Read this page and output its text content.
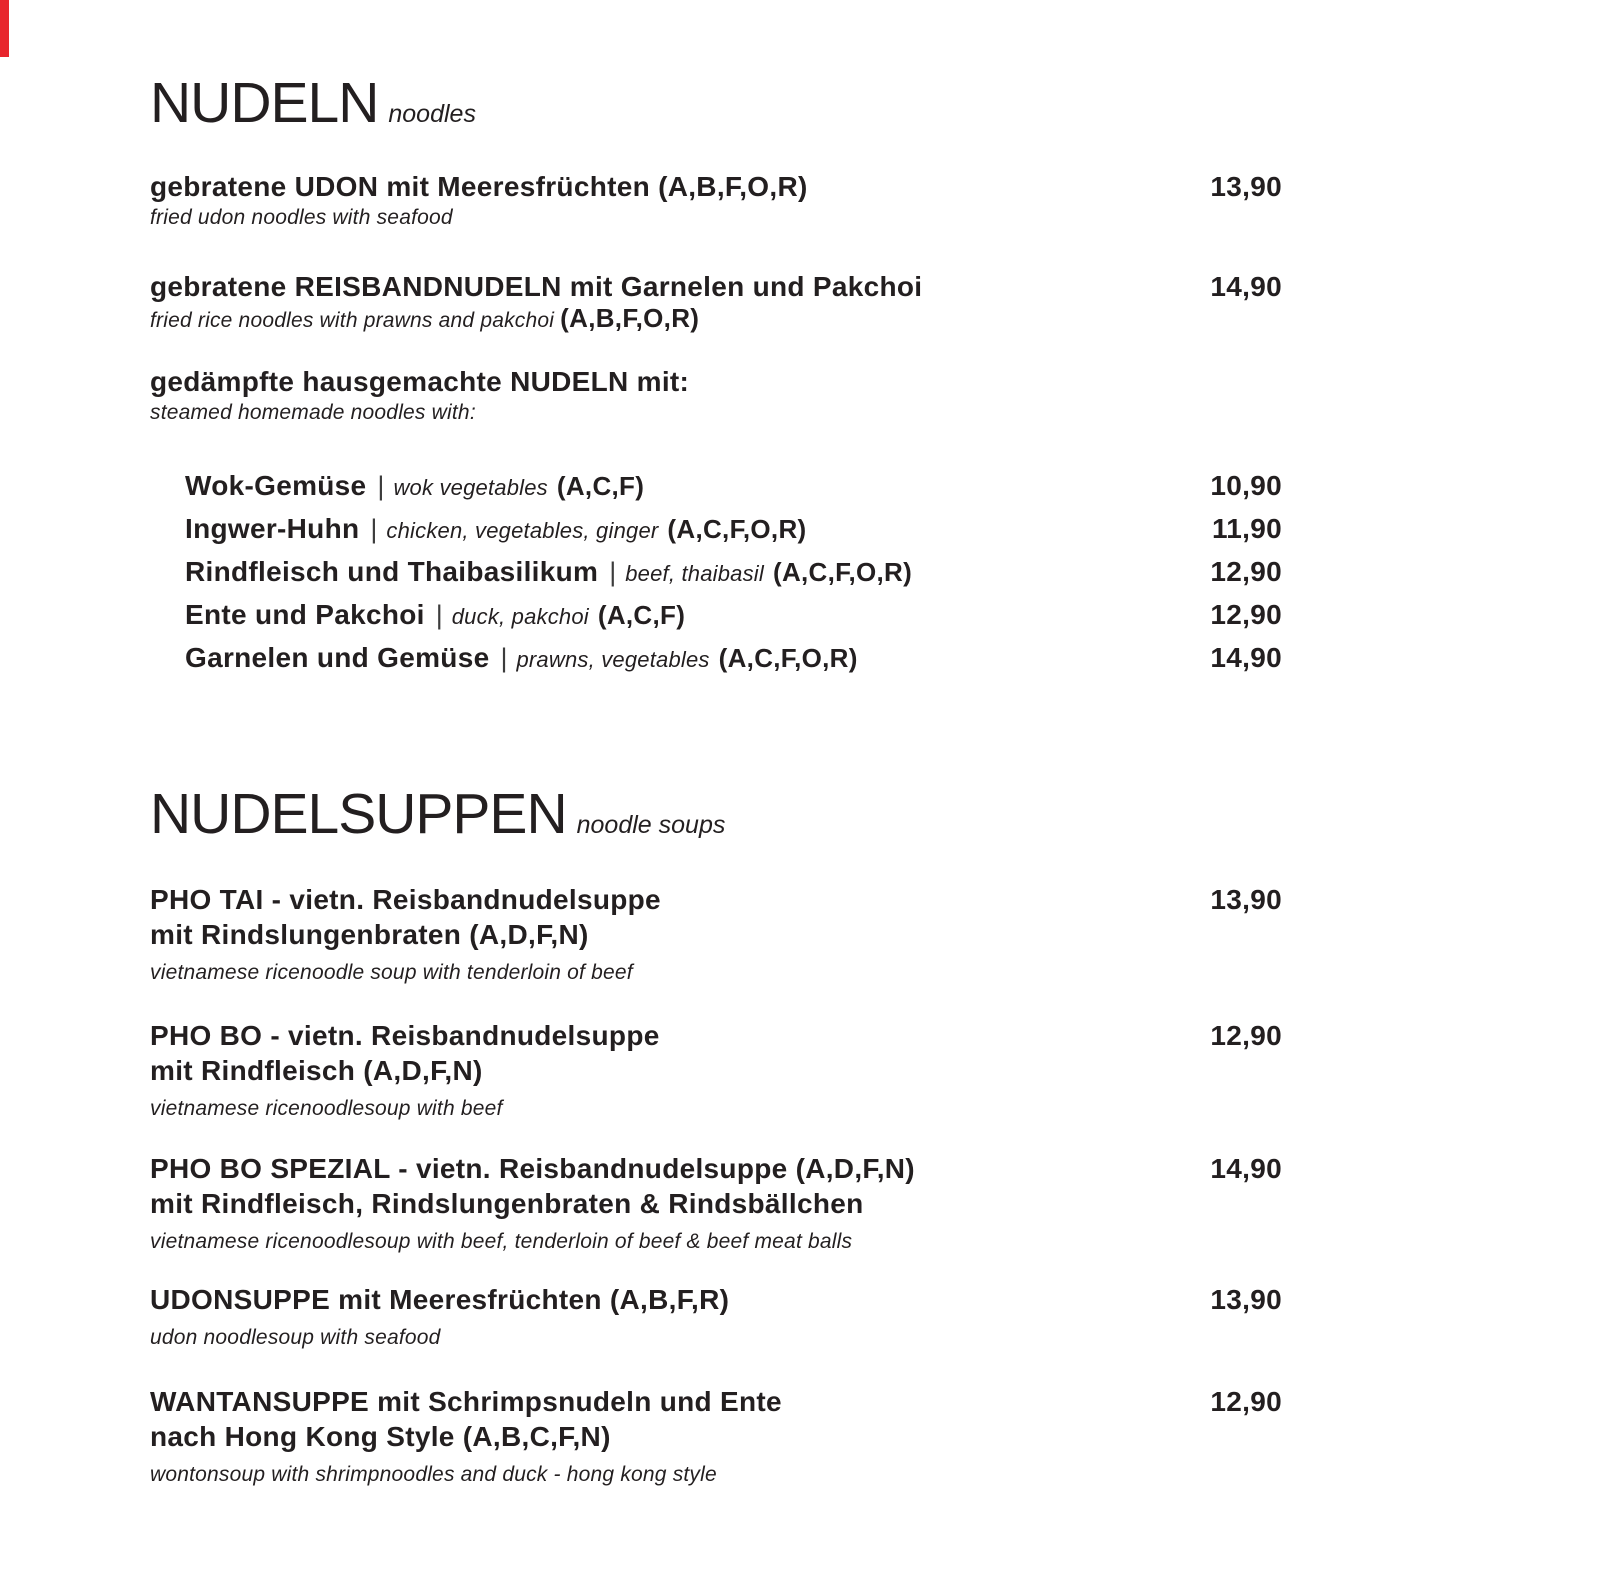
NUDELN noodles
gebratene UDON mit Meeresfrüchten (A,B,F,O,R)
fried udon noodles with seafood
13,90
gebratene REISBANDNUDELN mit Garnelen und Pakchoi
fried rice noodles with prawns and pakchoi (A,B,F,O,R)
14,90
gedämpfte hausgemachte NUDELN mit:
steamed homemade noodles with:
Wok-Gemüse | wok vegetables (A,C,F)	10,90
Ingwer-Huhn | chicken, vegetables, ginger (A,C,F,O,R)	11,90
Rindfleisch und Thaibasilikum | beef, thaibasil (A,C,F,O,R)	12,90
Ente und Pakchoi | duck, pakchoi (A,C,F)	12,90
Garnelen und Gemüse | prawns, vegetables (A,C,F,O,R)	14,90
NUDELSUPPEN noodle soups
PHO TAI - vietn. Reisbandnudelsuppe
mit Rindslungenbraten (A,D,F,N)
vietnamese ricenoodle soup with tenderloin of beef
13,90
PHO BO - vietn. Reisbandnudelsuppe
mit Rindfleisch (A,D,F,N)
vietnamese ricenoodlesoup with beef
12,90
PHO BO SPEZIAL - vietn. Reisbandnudelsuppe (A,D,F,N)
mit Rindfleisch, Rindslungenbraten & Rindsbällchen
vietnamese ricenoodlesoup with beef, tenderloin of beef & beef meat balls
14,90
UDONSUPPE mit Meeresfrüchten (A,B,F,R)
udon noodlesoup with seafood
13,90
WANTANSUPPE mit Schrimpsnudeln und Ente
nach Hong Kong Style (A,B,C,F,N)
wontonsoup with shrimpnoodles and duck - hong kong style
12,90
